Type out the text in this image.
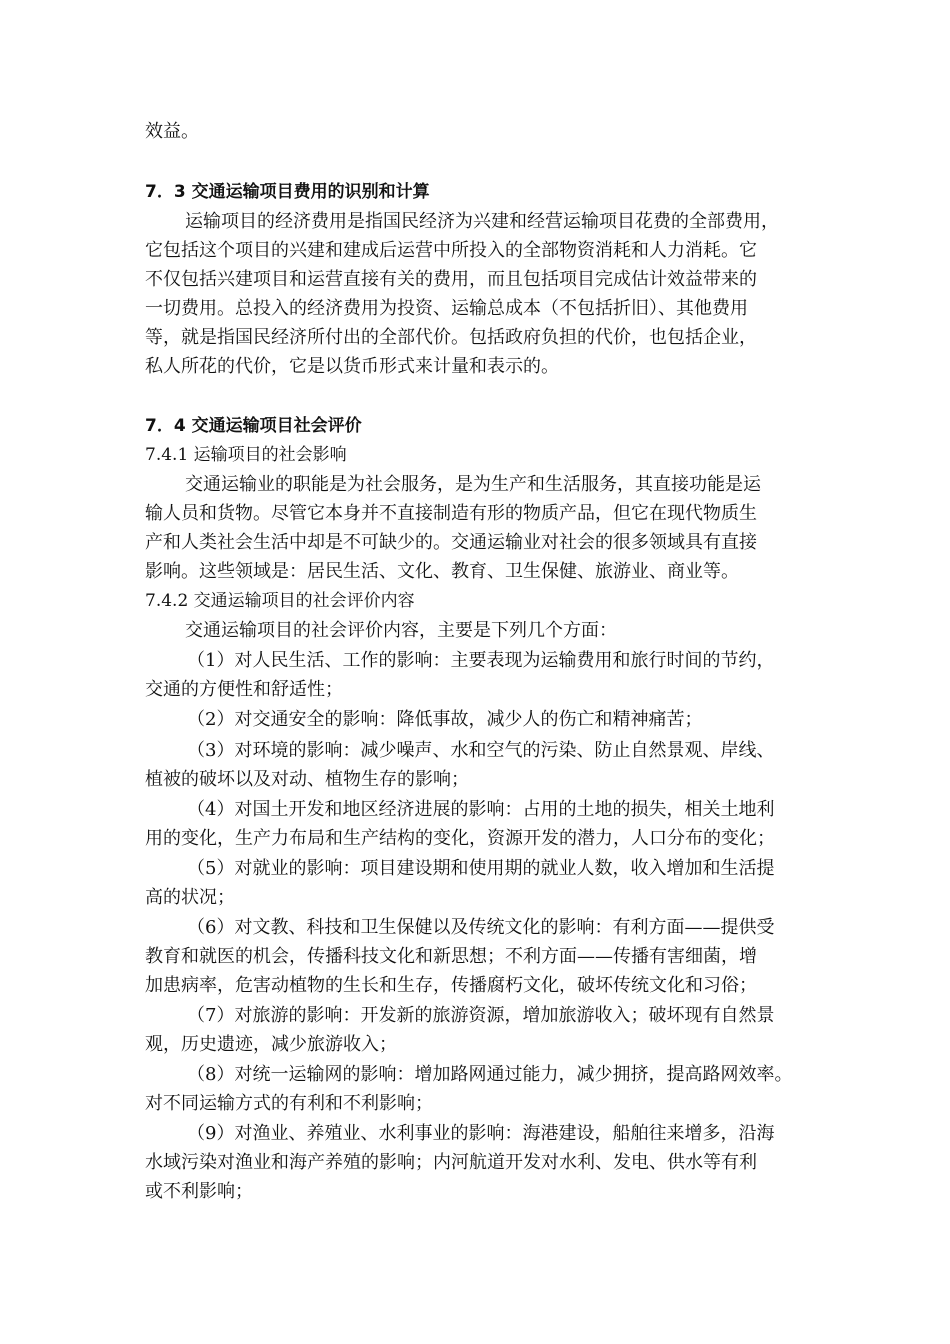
效益。
7．3 交通运输项目费用的识别和计算
运输项目的经济费用是指国民经济为兴建和经营运输项目花费的全部费用，
它包括这个项目的兴建和建成后运营中所投入的全部物资消耗和人力消耗。它
不仅包括兴建项目和运营直接有关的费用，而且包括项目完成估计效益带来的
一切费用。总投入的经济费用为投资、运输总成本（不包括折旧）、其他费用
等，就是指国民经济所付出的全部代价。包括政府负担的代价，也包括企业，
私人所花的代价，它是以货币形式来计量和表示的。
7．4 交通运输项目社会评价
7.4.1 运输项目的社会影响
交通运输业的职能是为社会服务，是为生产和生活服务，其直接功能是运
输人员和货物。尽管它本身并不直接制造有形的物质产品，但它在现代物质生
产和人类社会生活中却是不可缺少的。交通运输业对社会的很多领域具有直接
影响。这些领域是：居民生活、文化、教育、卫生保健、旅游业、商业等。
7.4.2 交通运输项目的社会评价内容
交通运输项目的社会评价内容，主要是下列几个方面：
（1）对人民生活、工作的影响：主要表现为运输费用和旅行时间的节约，
交通的方便性和舒适性；
（2）对交通安全的影响：降低事故，减少人的伤亡和精神痛苦；
（3）对环境的影响：减少噪声、水和空气的污染、防止自然景观、岸线、
植被的破坏以及对动、植物生存的影响；
（4）对国土开发和地区经济进展的影响：占用的土地的损失，相关土地利
用的变化，生产力布局和生产结构的变化，资源开发的潜力，人口分布的变化；
（5）对就业的影响：项目建设期和使用期的就业人数，收入增加和生活提
高的状况；
（6）对文教、科技和卫生保健以及传统文化的影响：有利方面——提供受
教育和就医的机会，传播科技文化和新思想；不利方面——传播有害细菌，增
加患病率，危害动植物的生长和生存，传播腐朽文化，破坏传统文化和习俗；
（7）对旅游的影响：开发新的旅游资源，增加旅游收入；破坏现有自然景
观，历史遗迹，减少旅游收入；
（8）对统一运输网的影响：增加路网通过能力，减少拥挤，提高路网效率。
对不同运输方式的有利和不利影响；
（9）对渔业、养殖业、水利事业的影响：海港建设，船舶往来增多，沿海
水域污染对渔业和海产养殖的影响；内河航道开发对水利、发电、供水等有利
或不利影响；
